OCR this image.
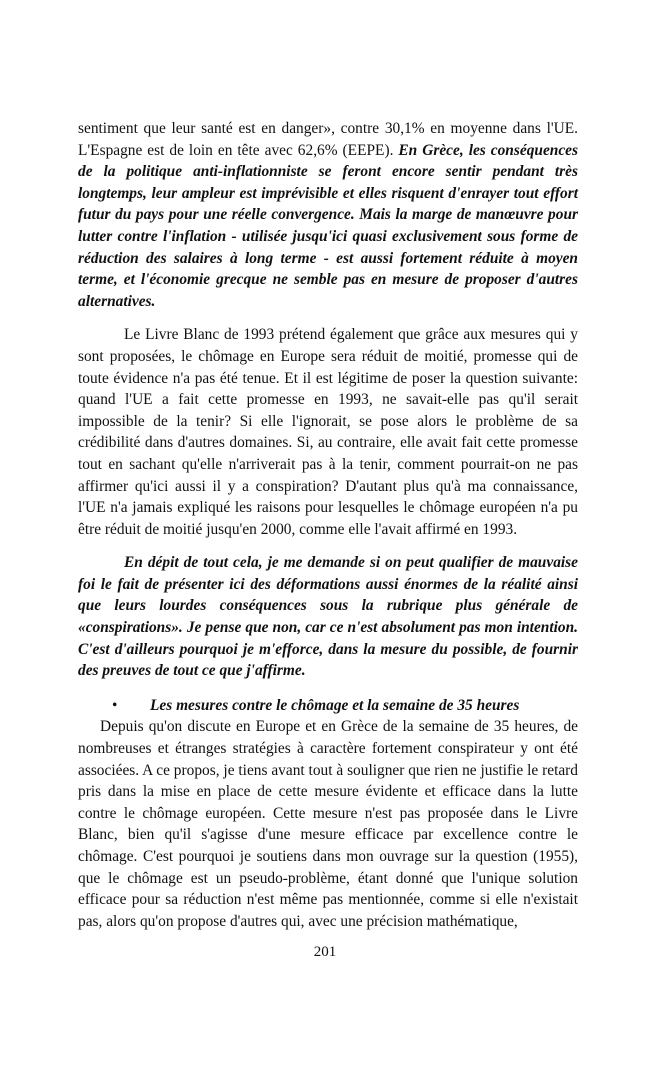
sentiment que leur santé est en danger», contre 30,1% en moyenne dans l'UE. L'Espagne est de loin en tête avec 62,6% (EEPE). En Grèce, les conséquences de la politique anti-inflationniste se feront encore sentir pendant très longtemps, leur ampleur est imprévisible et elles risquent d'enrayer tout effort futur du pays pour une réelle convergence. Mais la marge de manœuvre pour lutter contre l'inflation - utilisée jusqu'ici quasi exclusivement sous forme de réduction des salaires à long terme - est aussi fortement réduite à moyen terme, et l'économie grecque ne semble pas en mesure de proposer d'autres alternatives.

Le Livre Blanc de 1993 prétend également que grâce aux mesures qui y sont proposées, le chômage en Europe sera réduit de moitié, promesse qui de toute évidence n'a pas été tenue. Et il est légitime de poser la question suivante: quand l'UE a fait cette promesse en 1993, ne savait-elle pas qu'il serait impossible de la tenir? Si elle l'ignorait, se pose alors le problème de sa crédibilité dans d'autres domaines. Si, au contraire, elle avait fait cette promesse tout en sachant qu'elle n'arriverait pas à la tenir, comment pourrait-on ne pas affirmer qu'ici aussi il y a conspiration? D'autant plus qu'à ma connaissance, l'UE n'a jamais expliqué les raisons pour lesquelles le chômage européen n'a pu être réduit de moitié jusqu'en 2000, comme elle l'avait affirmé en 1993.

En dépit de tout cela, je me demande si on peut qualifier de mauvaise foi le fait de présenter ici des déformations aussi énormes de la réalité ainsi que leurs lourdes conséquences sous la rubrique plus générale de «conspirations». Je pense que non, car ce n'est absolument pas mon intention. C'est d'ailleurs pourquoi je m'efforce, dans la mesure du possible, de fournir des preuves de tout ce que j'affirme.

•	Les mesures contre le chômage et la semaine de 35 heures

Depuis qu'on discute en Europe et en Grèce de la semaine de 35 heures, de nombreuses et étranges stratégies à caractère fortement conspirateur y ont été associées. A ce propos, je tiens avant tout à souligner que rien ne justifie le retard pris dans la mise en place de cette mesure évidente et efficace dans la lutte contre le chômage européen. Cette mesure n'est pas proposée dans le Livre Blanc, bien qu'il s'agisse d'une mesure efficace par excellence contre le chômage. C'est pourquoi je soutiens dans mon ouvrage sur la question (1955), que le chômage est un pseudo-problème, étant donné que l'unique solution efficace pour sa réduction n'est même pas mentionnée, comme si elle n'existait pas, alors qu'on propose d'autres qui, avec une précision mathématique,

201
